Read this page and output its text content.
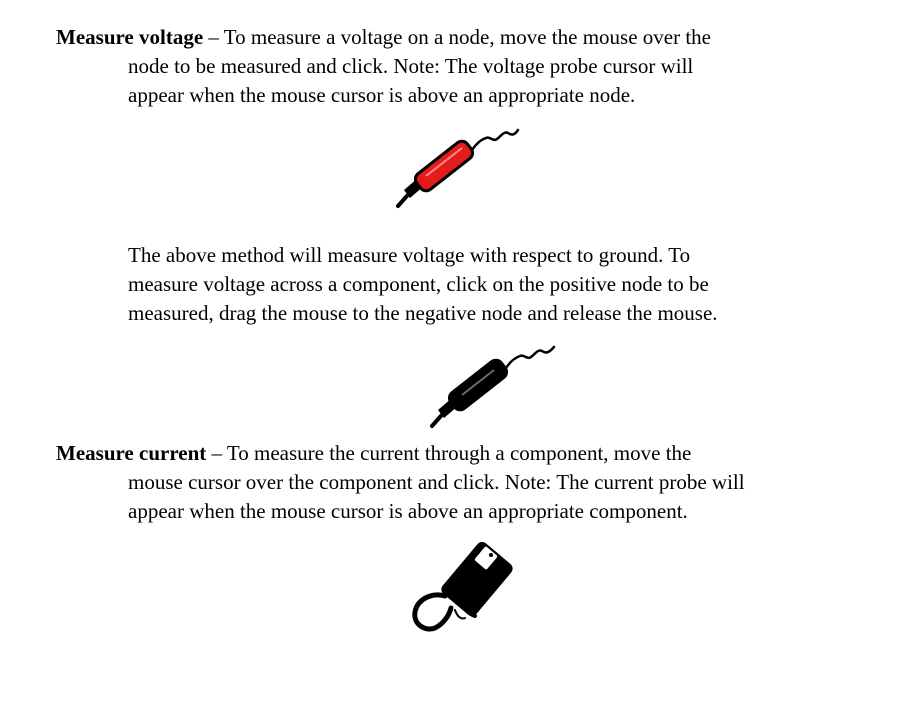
Measure voltage – To measure a voltage on a node, move the mouse over the
node to be measured and click. Note: The voltage probe cursor will
appear when the mouse cursor is above an appropriate node.

The above method will measure voltage with respect to ground. To
measure voltage across a component, click on the positive node to be
measured, drag the mouse to the negative node and release the mouse.

Measure current – To measure the current through a component, move the
mouse cursor over the component and click. Note: The current probe will
appear when the mouse cursor is above an appropriate component.
